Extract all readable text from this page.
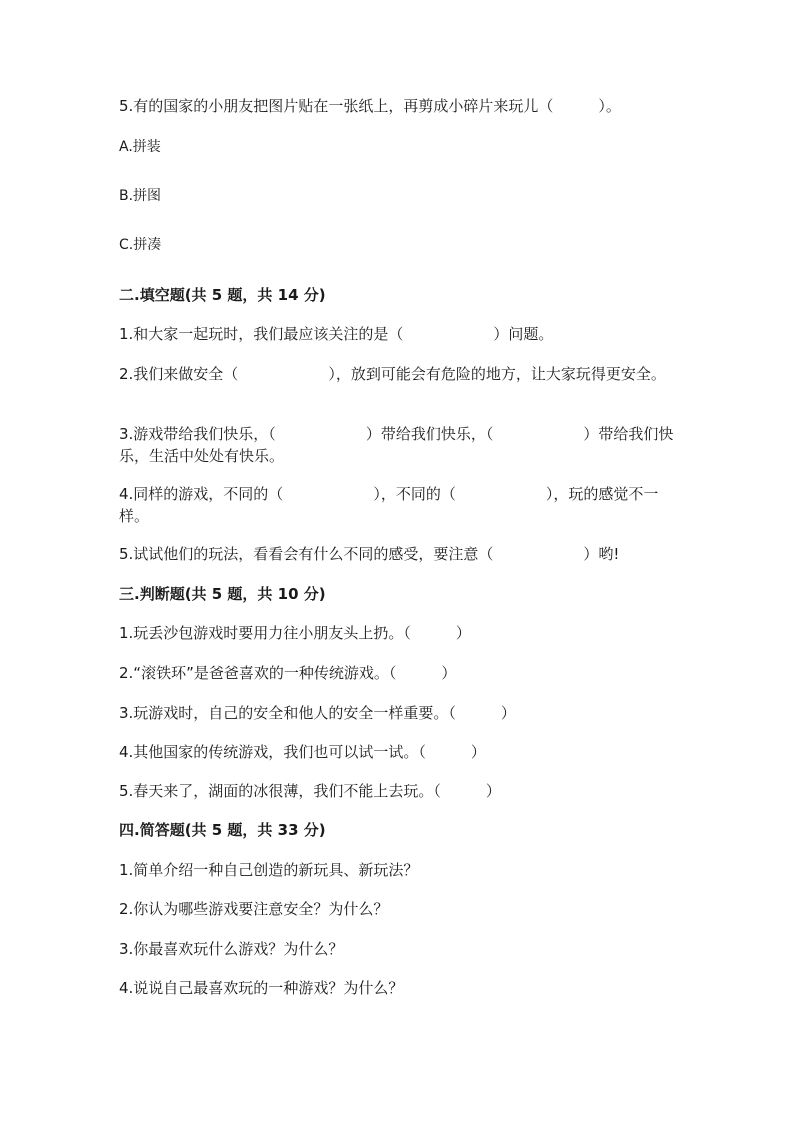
5.有的国家的小朋友把图片贴在一张纸上，再剪成小碎片来玩儿（　　　）。
A.拼装
B.拼图
C.拼凑
二.填空题(共 5 题，共 14 分)
1.和大家一起玩时，我们最应该关注的是（　　　　　　）问题。
2.我们来做安全（　　　　　　），放到可能会有危险的地方，让大家玩得更安全。
3.游戏带给我们快乐，（　　　　　　）带给我们快乐，（　　　　　　）带给我们快乐，生活中处处有快乐。
4.同样的游戏，不同的（　　　　　　），不同的（　　　　　　），玩的感觉不一样。
5.试试他们的玩法，看看会有什么不同的感受，要注意（　　　　　　）哟!
三.判断题(共 5 题，共 10 分)
1.玩丢沙包游戏时要用力往小朋友头上扔。（　　　）
2.“滚铁环”是爸爸喜欢的一种传统游戏。（　　　）
3.玩游戏时，自己的安全和他人的安全一样重要。（　　　）
4.其他国家的传统游戏，我们也可以试一试。（　　　）
5.春天来了，湖面的冰很薄，我们不能上去玩。（　　　）
四.简答题(共 5 题，共 33 分)
1.简单介绍一种自己创造的新玩具、新玩法？
2.你认为哪些游戏要注意安全？为什么？
3.你最喜欢玩什么游戏？为什么？
4.说说自己最喜欢玩的一种游戏？为什么？
